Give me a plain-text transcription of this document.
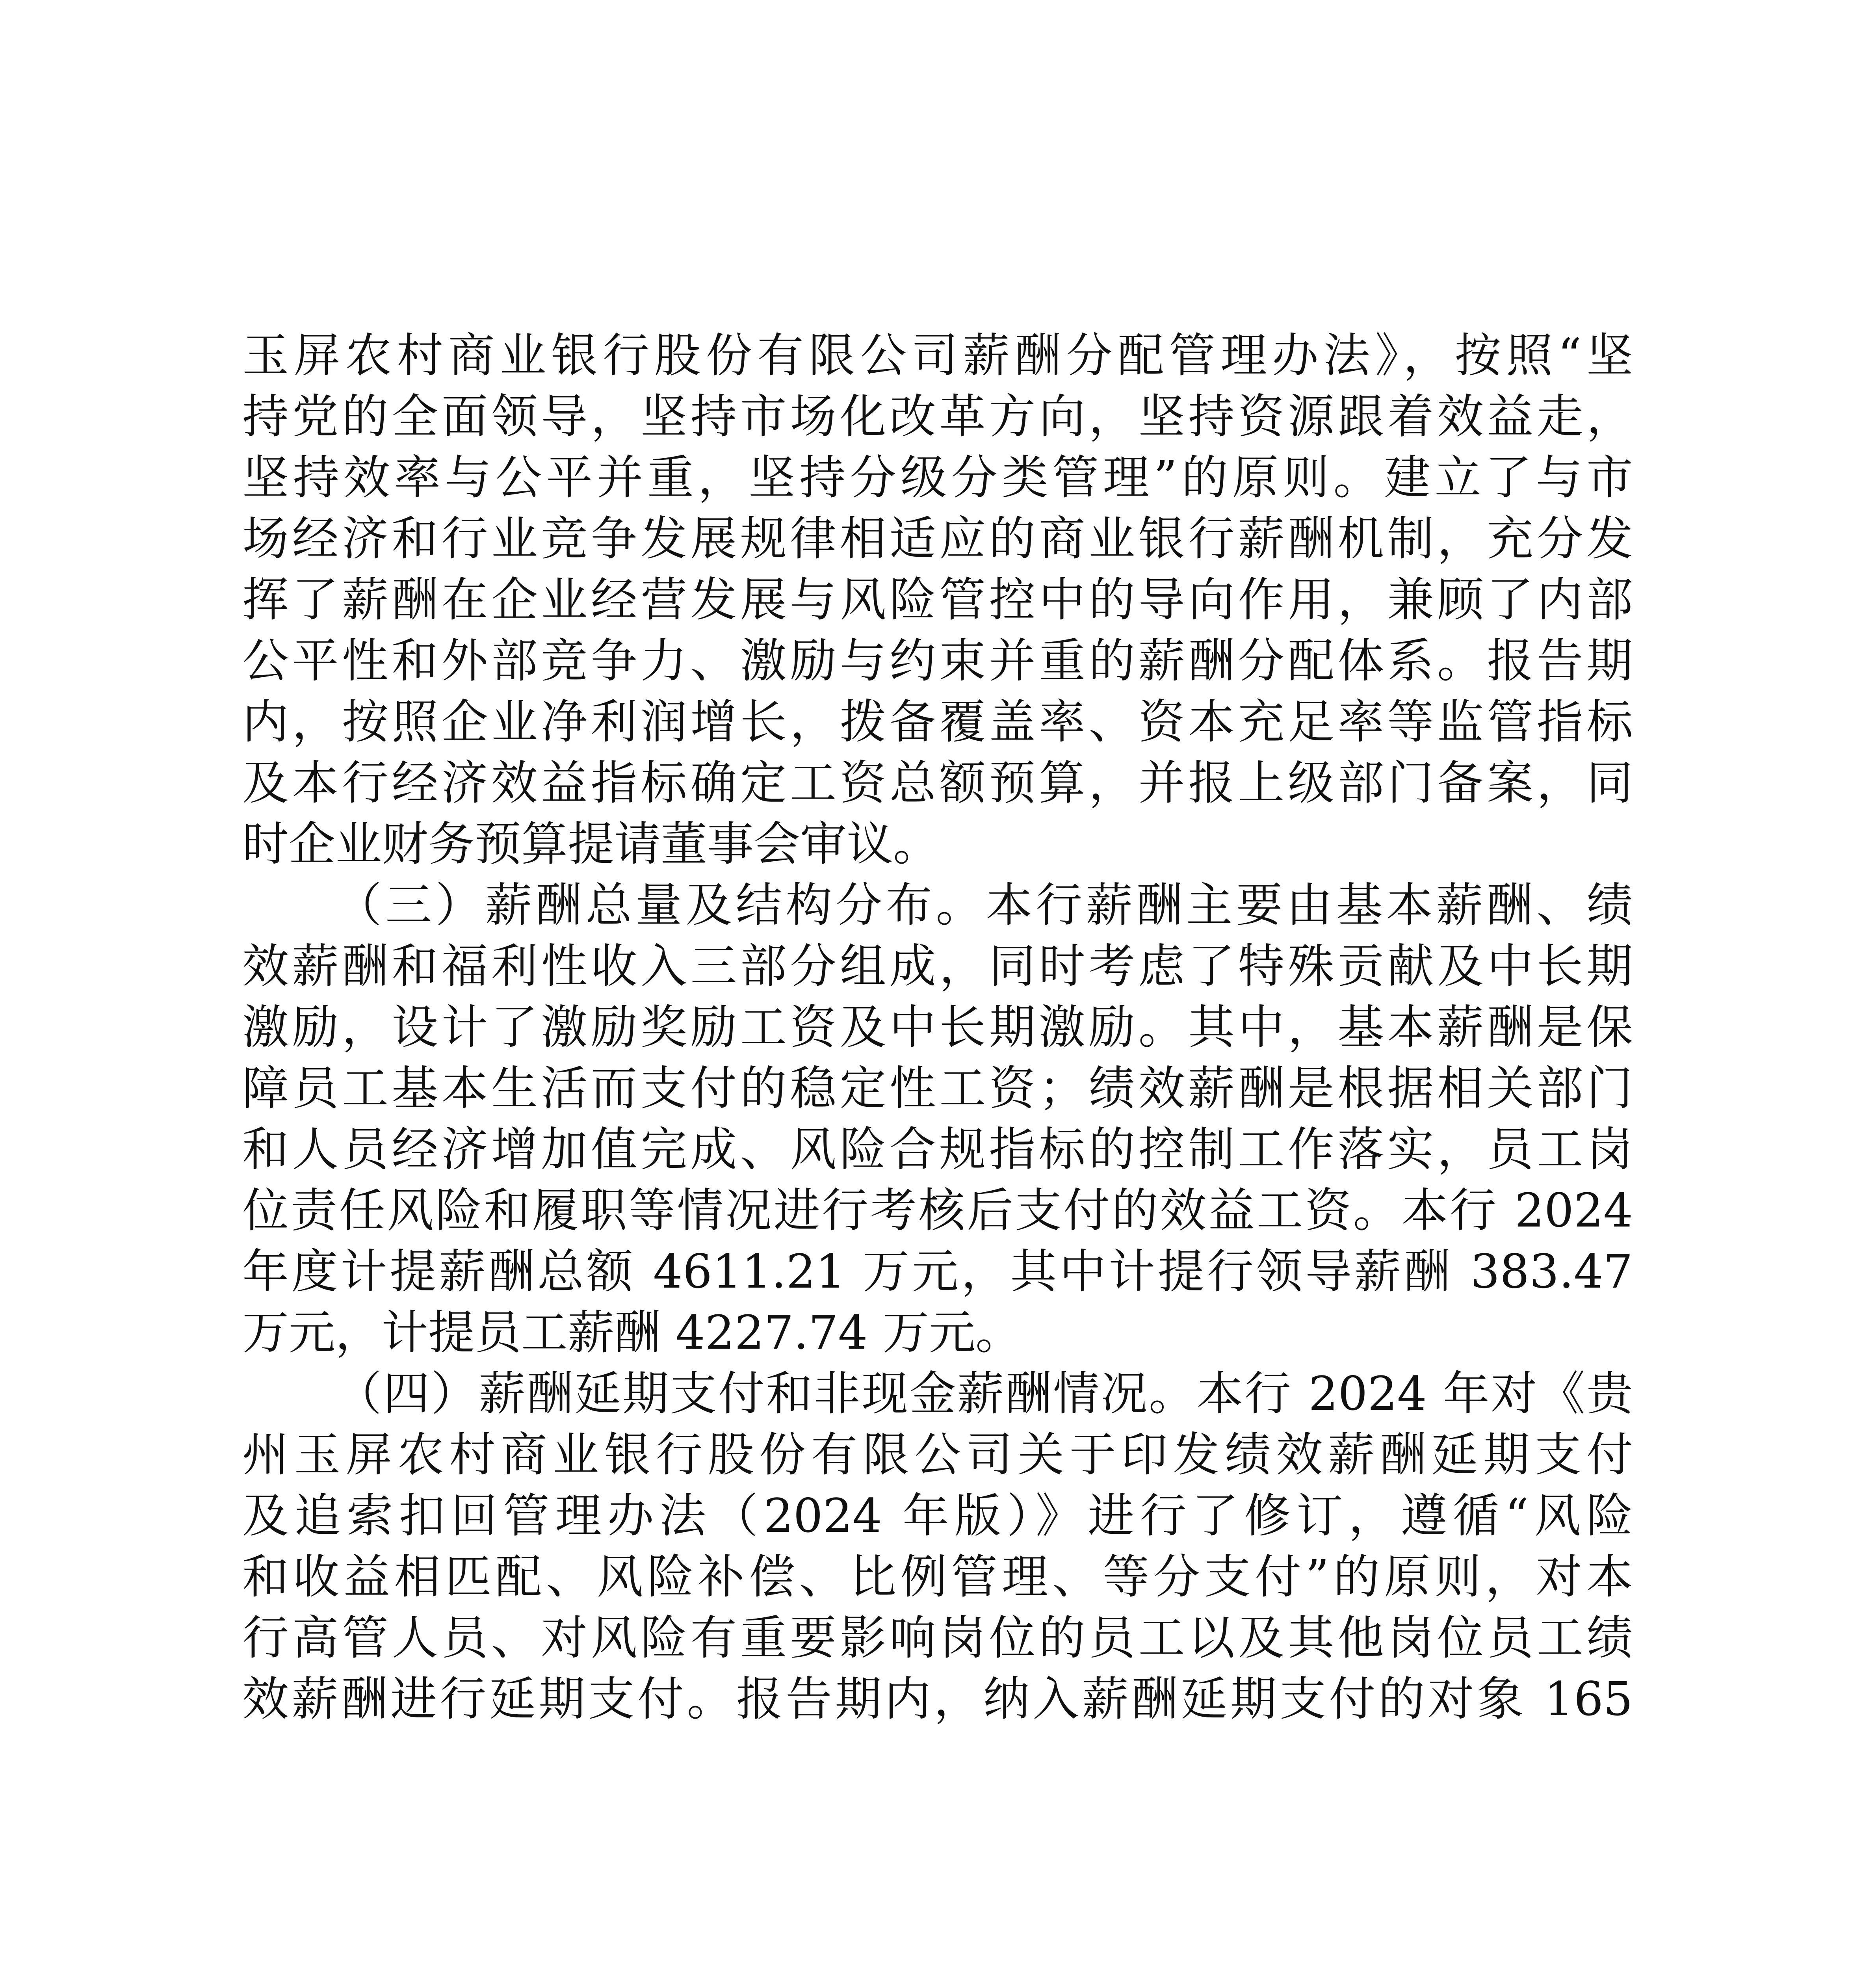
玉屏农村商业银行股份有限公司薪酬分配管理办法》，按照“坚
持党的全面领导，坚持市场化改革方向，坚持资源跟着效益走，
坚持效率与公平并重，坚持分级分类管理”的原则。建立了与市
场经济和行业竞争发展规律相适应的商业银行薪酬机制，充分发
挥了薪酬在企业经营发展与风险管控中的导向作用，兼顾了内部
公平性和外部竞争力、激励与约束并重的薪酬分配体系。报告期
内，按照企业净利润增长，拨备覆盖率、资本充足率等监管指标
及本行经济效益指标确定工资总额预算，并报上级部门备案，同
时企业财务预算提请董事会审议。
（三）薪酬总量及结构分布。本行薪酬主要由基本薪酬、绩
效薪酬和福利性收入三部分组成，同时考虑了特殊贡献及中长期
激励，设计了激励奖励工资及中长期激励。其中，基本薪酬是保
障员工基本生活而支付的稳定性工资；绩效薪酬是根据相关部门
和人员经济增加值完成、风险合规指标的控制工作落实，员工岗
位责任风险和履职等情况进行考核后支付的效益工资。本行 2024
年度计提薪酬总额 4611.21 万元，其中计提行领导薪酬 383.47
万元，计提员工薪酬 4227.74 万元。
（四）薪酬延期支付和非现金薪酬情况。本行 2024 年对《贵
州玉屏农村商业银行股份有限公司关于印发绩效薪酬延期支付
及追索扣回管理办法（2024 年版）》进行了修订，遵循“风险
和收益相匹配、风险补偿、比例管理、等分支付”的原则，对本
行高管人员、对风险有重要影响岗位的员工以及其他岗位员工绩
效薪酬进行延期支付。报告期内，纳入薪酬延期支付的对象 165
